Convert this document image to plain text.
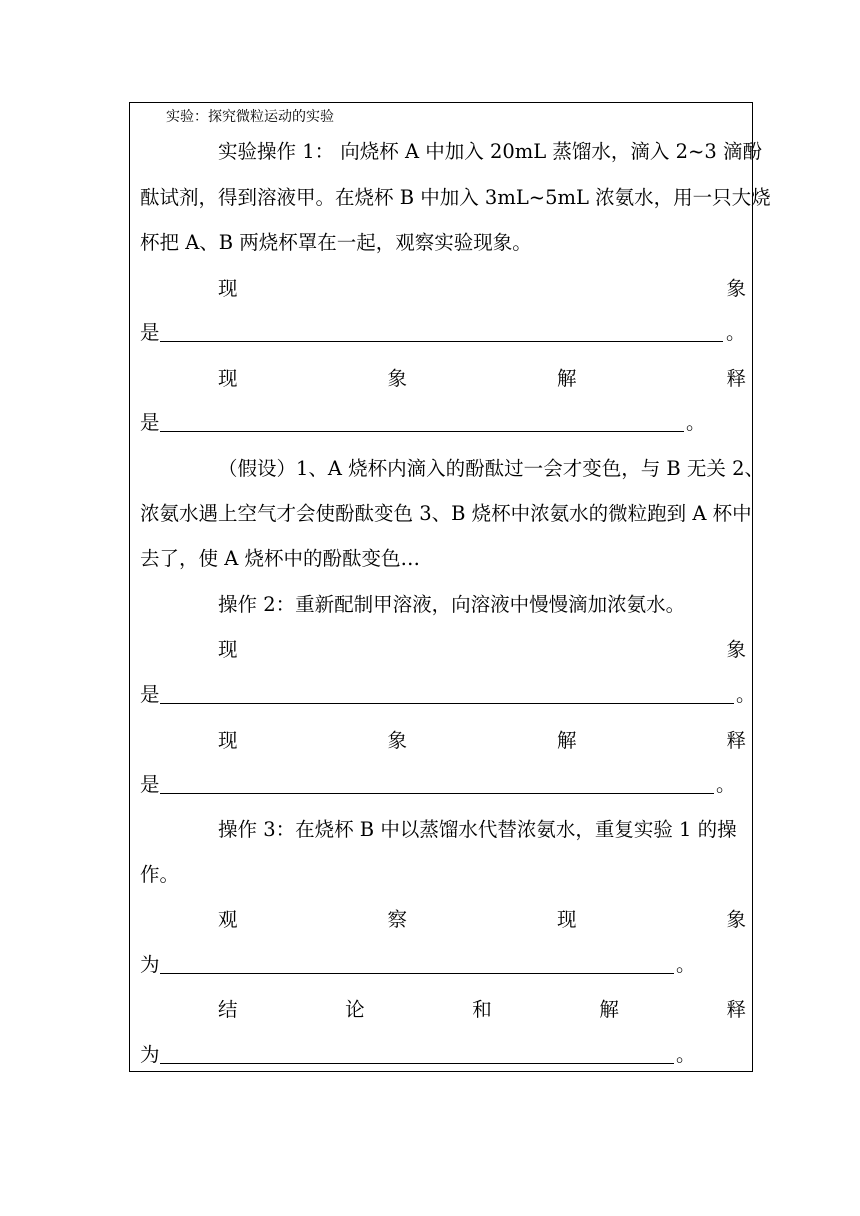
实验：探究微粒运动的实验
实验操作 1： 向烧杯 A 中加入 20mL 蒸馏水，滴入 2~3 滴酚
酞试剂，得到溶液甲。在烧杯 B 中加入 3mL~5mL 浓氨水，用一只大烧
杯把 A、B 两烧杯罩在一起，观察实验现象。
现	象
是	。
现	象	解	释
是	。
（假设）1、A 烧杯内滴入的酚酞过一会才变色，与 B 无关 2、
浓氨水遇上空气才会使酚酞变色 3、B 烧杯中浓氨水的微粒跑到 A 杯中
去了，使 A 烧杯中的酚酞变色…
操作 2：重新配制甲溶液，向溶液中慢慢滴加浓氨水。
现	象
是	。
现	象	解	释
是	。
操作 3：在烧杯 B 中以蒸馏水代替浓氨水，重复实验 1 的操
作。
观	察	现	象
为	。
结	论	和	解	释
为	。
